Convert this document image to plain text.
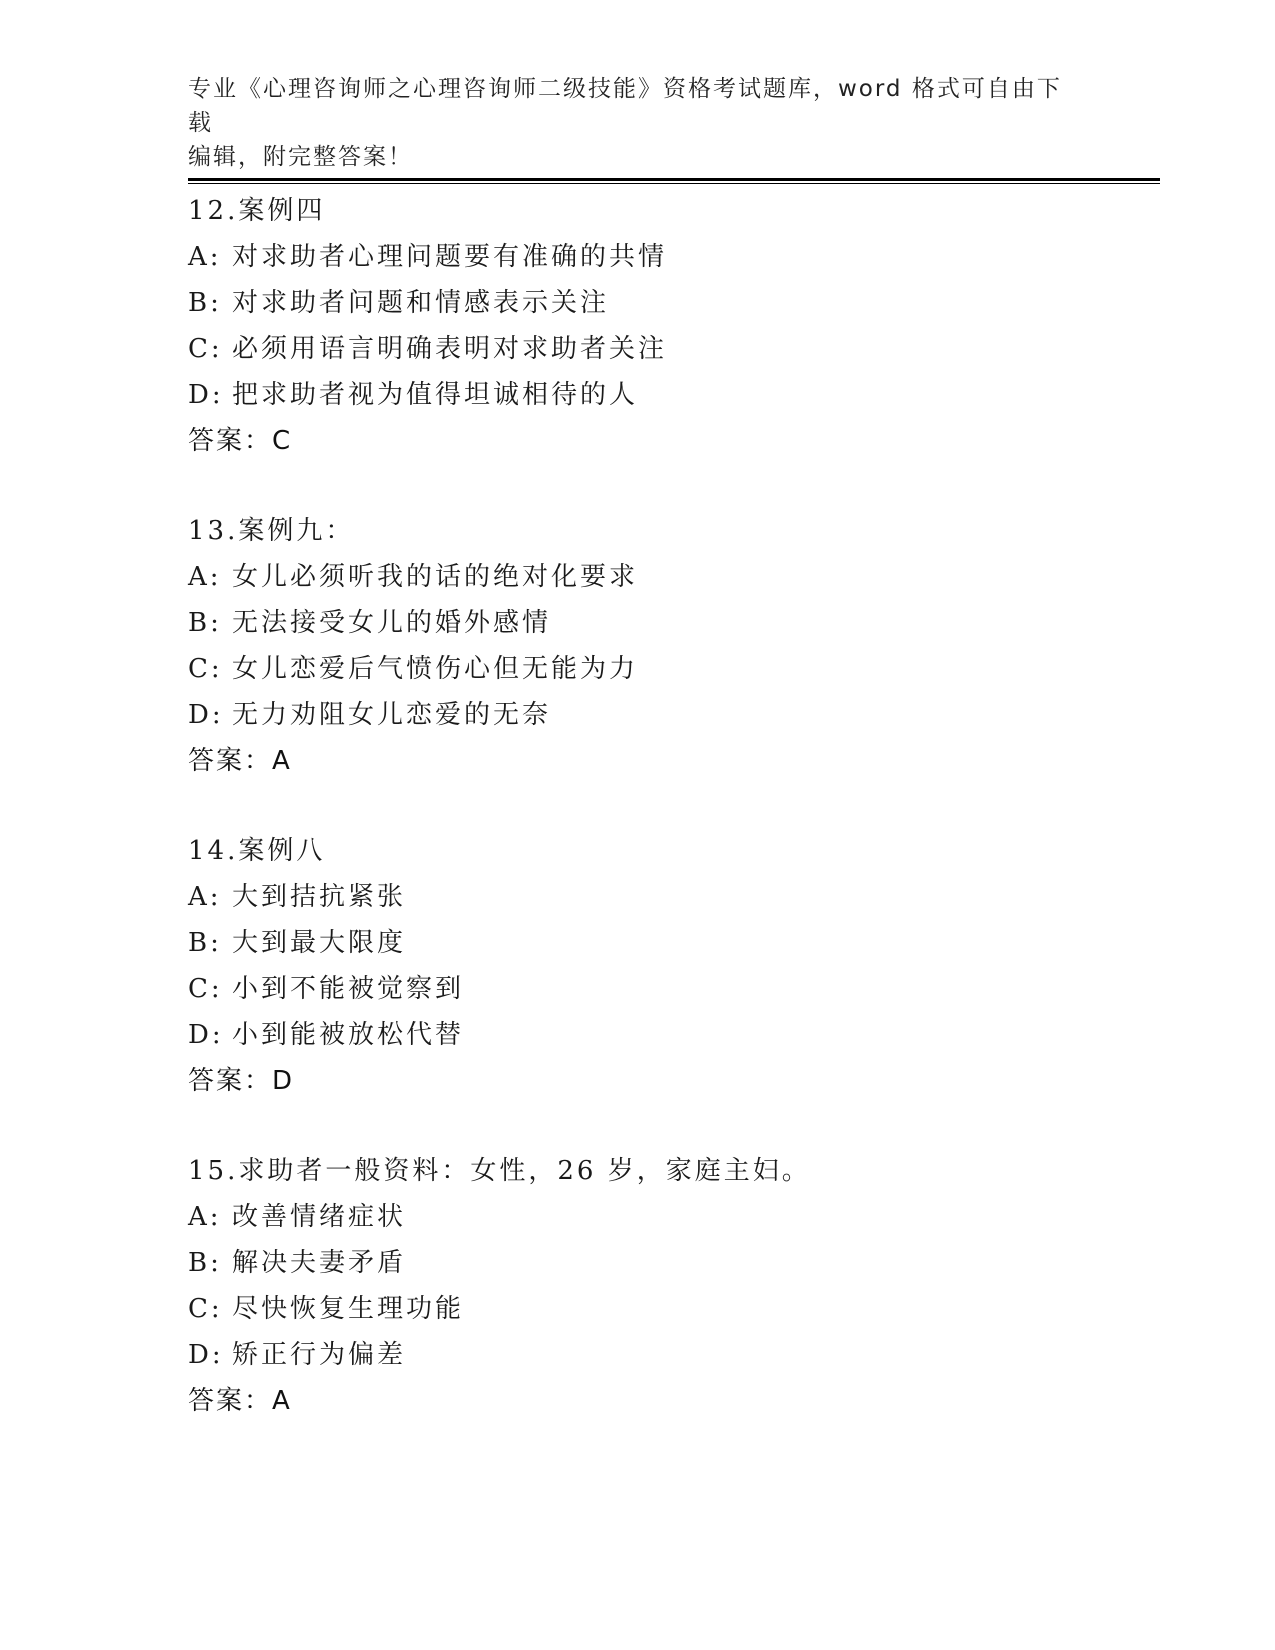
专业《心理咨询师之心理咨询师二级技能》资格考试题库，word 格式可自由下载
编辑，附完整答案！
12.案例四
A: 对求助者心理问题要有准确的共情
B: 对求助者问题和情感表示关注
C: 必须用语言明确表明对求助者关注
D: 把求助者视为值得坦诚相待的人
答案：C
13.案例九：
A: 女儿必须听我的话的绝对化要求
B: 无法接受女儿的婚外感情
C: 女儿恋爱后气愤伤心但无能为力
D: 无力劝阻女儿恋爱的无奈
答案：A
14.案例八
A: 大到拮抗紧张
B: 大到最大限度
C: 小到不能被觉察到
D: 小到能被放松代替
答案：D
15.求助者一般资料：女性，26 岁，家庭主妇。
A: 改善情绪症状
B: 解决夫妻矛盾
C: 尽快恢复生理功能
D: 矫正行为偏差
答案：A
